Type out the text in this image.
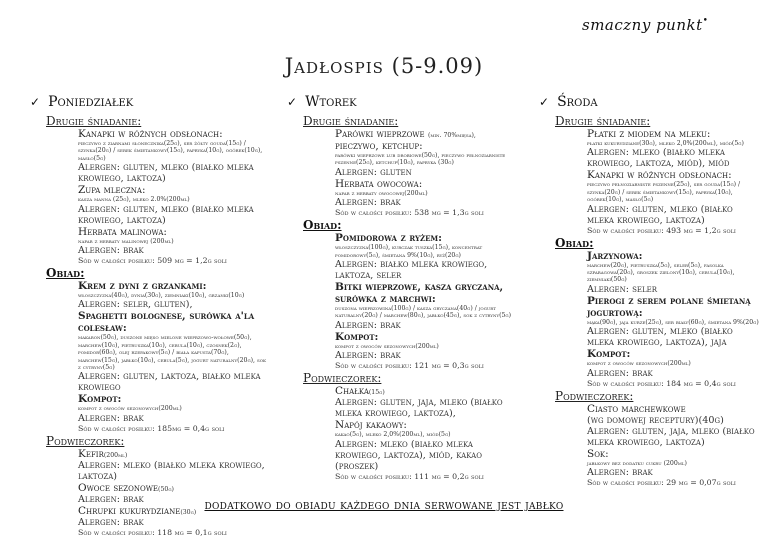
smaczny punkt•
Jadłospis (5-9.09)
✓ Poniedziałek
Drugie śniadanie:
Kanapki w różnych odsłonach:
pieczywo z ziarnami słonecznika(25g), ser żółty gouda(15g) / szynka(20g) / serek śmietankowy(15g), papryka(10g), ogórek(10g), masło(5g)
Alergen: gluten, mleko (białko mleka krowiego, laktoza)
Zupa mleczna:
kasza manna (25g), mleko 2.0%(200ml)
Alergen: gluten, mleko (białko mleka krowiego, laktoza)
Herbata malinowa:
napar z herbaty malinowej (200ml)
Alergen: brak
Sód w całości posiłku: 509 mg = 1,2g soli
Obiad:
Krem z dyni z grzankami:
włoszczyzna(40g), dynia(30g), ziemniaki(10g), grzanki(10g)
Alergen: seler, gluten),
Spaghetti bolognese, surówka a'la colesław:
makaron(50g), duszone mięso mielone wieprzowo-wołowe(50g), marchew(10g), pietruszka(10g), cebula(10g), czosnek(2g), pomidor(60g), olej rzepakowy(5g) / biała kapusta(70g), marchew(15g), jabłko(10g), cebula(5g), jogurt naturalny(20g), sok z cytryny(5g)
Alergen: gluten, laktoza, białko mleka krowiego
Kompot:
kompot z owoców sezonowych(200ml)
Alergen: brak
Sód w całości posiłku: 185mg = 0,4g soli
Podwieczorek:
Kefir(200ml)
Alergen: mleko (białko mleka krowiego, laktoza)
Owoce sezonowe(50g)
Alergen: brak
Chrupki kukurydziane(30g)
Alergen: brak
Sód w całości posiłku: 118 mg = 0,1g soli
✓ Wtorek
Drugie śniadanie:
Parówki wieprzowe (min. 70%mięsa),
pieczywo, ketchup:
parówki wieprzowe lub drobiowe(50g), pieczywo pełnoziarniste pszenne(25g), ketchup(10g), papryka (30g)
Alergen: gluten
Herbata owocowa:
napar z herbaty owocowej(200ml)
Alergen: brak
Sód w całości posiłku: 538 mg = 1,3g soli
Obiad:
Pomidorowa z ryżem:
włoszczyzna(100g), kurczak tuszka(15g), koncentrat pomidorowy(5g), śmietana 9%(10g), ryż(20g)
Alergen: białko mleka krowiego, laktoza, seler
Bitki wieprzowe, kasza gryczana, surówka z marchwi:
duszona wieprzowina(100g) / kasza gryczana(40g) / jogurt naturalny(20g) / marchew(80g), jabłko(45g), sok z cytryny(5g)
Alergen: brak
Kompot:
kompot z owoców sezonowych(200ml)
Alergen: brak
Sód w całości posiłku: 121 mg = 0,3g soli
Podwieczorek:
Chałka(15g)
Alergen: gluten, jaja, mleko (białko mleka krowiego, laktoza),
Napój kakaowy:
kakao(5g), mleko 2,0%(200ml), miód(5g)
Alergen: mleko (białko mleka krowiego, laktoza), miód, kakao (proszek)
Sód w całości posiłku: 111 mg = 0,2g soli
✓ Środa
Drugie śniadanie:
Płatki z miodem na mleku:
płatki kukurydziane(30g), mleko 2,0%(200ml), miód(5g)
Alergen: mleko (białko mleka krowiego, laktoza, miód), miód
Kanapki w różnych odsłonach:
pieczywo pełnoziarniste pszenne(25g), ser gouda(15g) / szynka(20g) / serek śmietankowy(15g), papryka(10g), ogórek(10g), masło(5g)
Alergen: gluten, mleko (białko mleka krowiego, laktoza)
Sód w całości posiłku: 493 mg = 1,2g soli
Obiad:
Jarzynowa:
marchew(20g), pietruszka(5g), seler(5g), fasolka szparagowa(20g), groszek zielony(10g), cebula(10g), ziemniaki(50g)
Alergen: seler
Pierogi z serem polane śmietaną jogurtową:
mąka(90g), jaja kurze(25g), ser biały(60g), śmietana 9%(20g)
Alergen: gluten, mleko (białko mleka krowiego, laktoza), jaja
Kompot:
kompot z owoców sezonowych(200ml)
Alergen: brak
Sód w całości posiłku: 184 mg = 0,4g soli
Podwieczorek:
Ciasto marchewkowe
(wg domowej receptury)(40g)
Alergen: gluten, jaja, mleko (białko mleka krowiego, laktoza)
Sok:
jabłkowy bez dodatku cukru (200ml)
Alergen: brak
Sód w całości posiłku: 29 mg = 0,07g soli
dodatkowo do obiadu każdego dnia serwowane jest jabłko
